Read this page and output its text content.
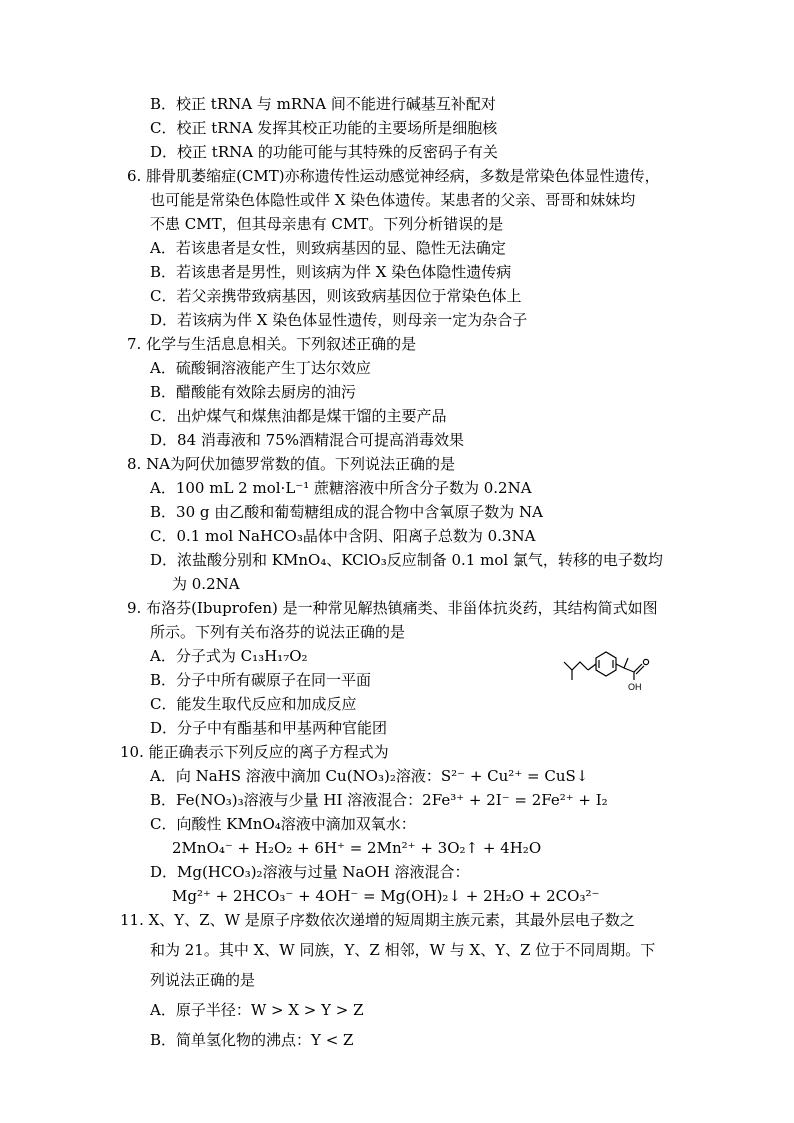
B．校正 tRNA 与 mRNA 间不能进行碱基互补配对
C．校正 tRNA 发挥其校正功能的主要场所是细胞核
D．校正 tRNA 的功能可能与其特殊的反密码子有关
6. 腓骨肌萎缩症(CMT)亦称遗传性运动感觉神经病，多数是常染色体显性遗传，
也可能是常染色体隐性或伴 X 染色体遗传。某患者的父亲、哥哥和妹妹均
不患 CMT，但其母亲患有 CMT。下列分析错误的是
A．若该患者是女性，则致病基因的显、隐性无法确定
B．若该患者是男性，则该病为伴 X 染色体隐性遗传病
C．若父亲携带致病基因，则该致病基因位于常染色体上
D．若该病为伴 X 染色体显性遗传，则母亲一定为杂合子
7. 化学与生活息息相关。下列叙述正确的是
A．硫酸铜溶液能产生丁达尔效应
B．醋酸能有效除去厨房的油污
C．出炉煤气和煤焦油都是煤干馏的主要产品
D．84 消毒液和 75%酒精混合可提高消毒效果
8. NA为阿伏加德罗常数的值。下列说法正确的是
A．100 mL 2 mol·L⁻¹ 蔗糖溶液中所含分子数为 0.2NA
B．30 g 由乙酸和葡萄糖组成的混合物中含氧原子数为 NA
C．0.1 mol NaHCO₃晶体中含阴、阳离子总数为 0.3NA
D．浓盐酸分别和 KMnO₄、KClO₃反应制备 0.1 mol 氯气，转移的电子数均
为 0.2NA
9. 布洛芬(Ibuprofen) 是一种常见解热镇痛类、非甾体抗炎药，其结构简式如图
所示。下列有关布洛芬的说法正确的是
A．分子式为 C₁₃H₁₇O₂
B．分子中所有碳原子在同一平面
C．能发生取代反应和加成反应
D．分子中有酯基和甲基两种官能团
OH
10. 能正确表示下列反应的离子方程式为
A．向 NaHS 溶液中滴加 Cu(NO₃)₂溶液：S²⁻ + Cu²⁺ = CuS↓
B．Fe(NO₃)₃溶液与少量 HI 溶液混合：2Fe³⁺ + 2I⁻ = 2Fe²⁺ + I₂
C．向酸性 KMnO₄溶液中滴加双氧水：
2MnO₄⁻ + H₂O₂ + 6H⁺ = 2Mn²⁺ + 3O₂↑ + 4H₂O
D．Mg(HCO₃)₂溶液与过量 NaOH 溶液混合：
Mg²⁺ + 2HCO₃⁻ + 4OH⁻ = Mg(OH)₂↓ + 2H₂O + 2CO₃²⁻
11. X、Y、Z、W 是原子序数依次递增的短周期主族元素，其最外层电子数之
和为 21。其中 X、W 同族，Y、Z 相邻，W 与 X、Y、Z 位于不同周期。下
列说法正确的是
A．原子半径：W > X > Y > Z
B．简单氢化物的沸点：Y < Z
